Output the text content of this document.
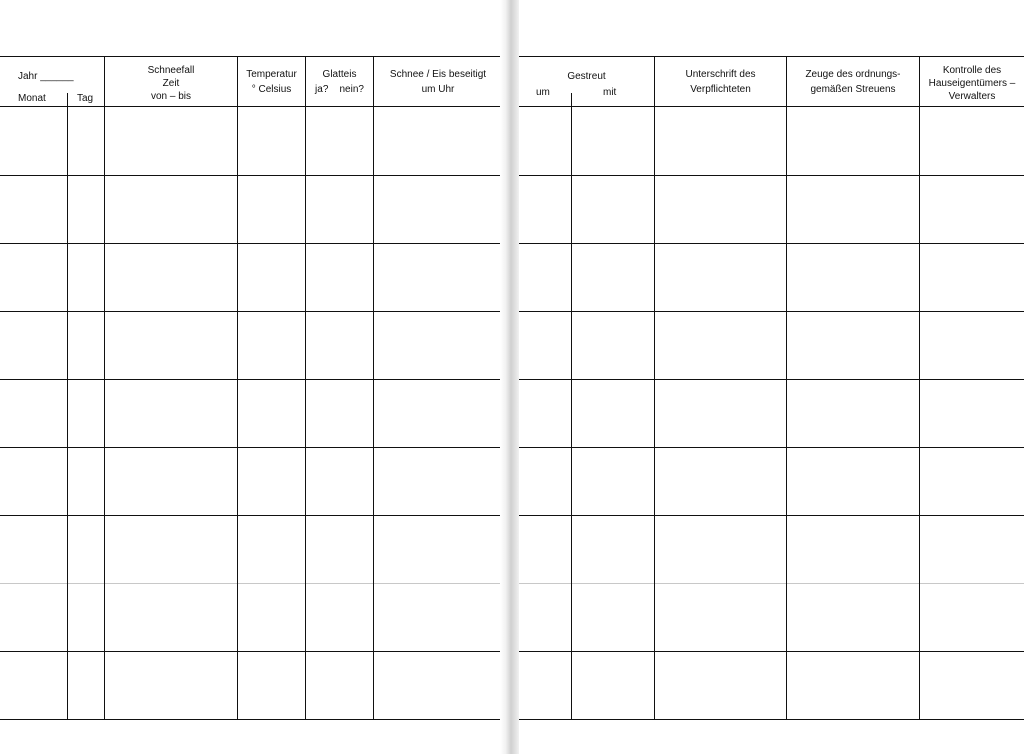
Jahr ______
Monat	Tag
Schneefall
Zeit
von – bis
Temperatur
° Celsius
Glatteis
ja?    nein?
Schnee / Eis beseitigt
um Uhr
Gestreut
um	mit
Unterschrift des
Verpflichteten
Zeuge des ordnungs-
gemäßen Streuens
Kontrolle des
Hauseigentümers –
Verwalters
